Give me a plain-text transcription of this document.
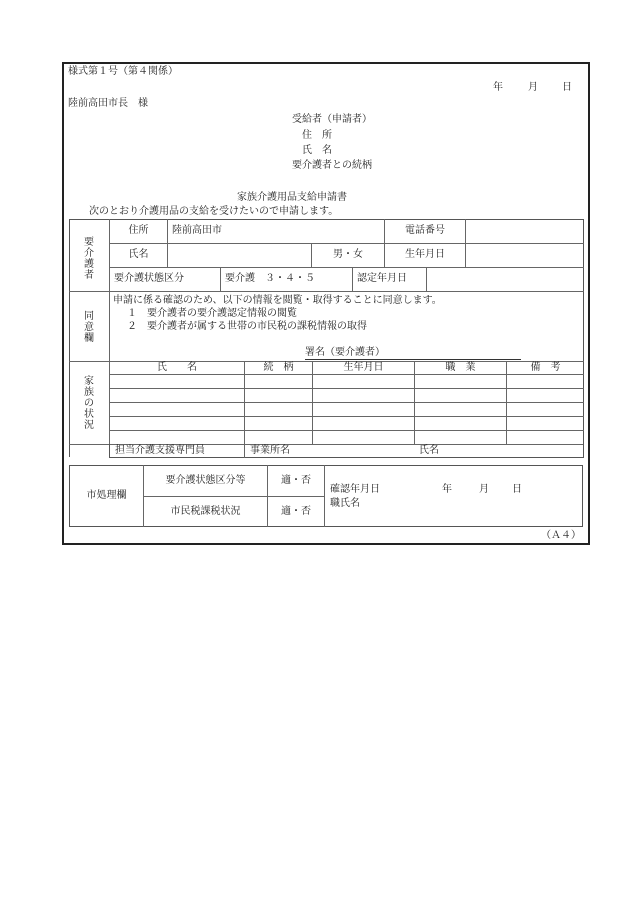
様式第１号（第４関係）
年	月 日
陸前高田市長　様
受給者（申請者）
住　所
氏　名
要介護者との続柄
家族介護用品支給申請書
次のとおり介護用品の支給を受けたいので申請します。
要介護者
住所	陸前高田市	電話番号
氏名	男・女	生年月日
要介護状態区分	要介護　３・４・５	認定年月日
同意欄
申請に係る確認のため、以下の情報を閲覧・取得することに同意します。
１　要介護者の要介護認定情報の閲覧
２　要介護者が属する世帯の市民税の課税情報の取得
署名（要介護者）
家族の状況
氏　　名	続　柄	生年月日	職　業	備　考
担当介護支援専門員	事業所名	氏名
市処理欄
要介護状態区分等	適・否
市民税課税状況	適・否
確認年月日	年	月 日
職氏名
（Ａ４）
